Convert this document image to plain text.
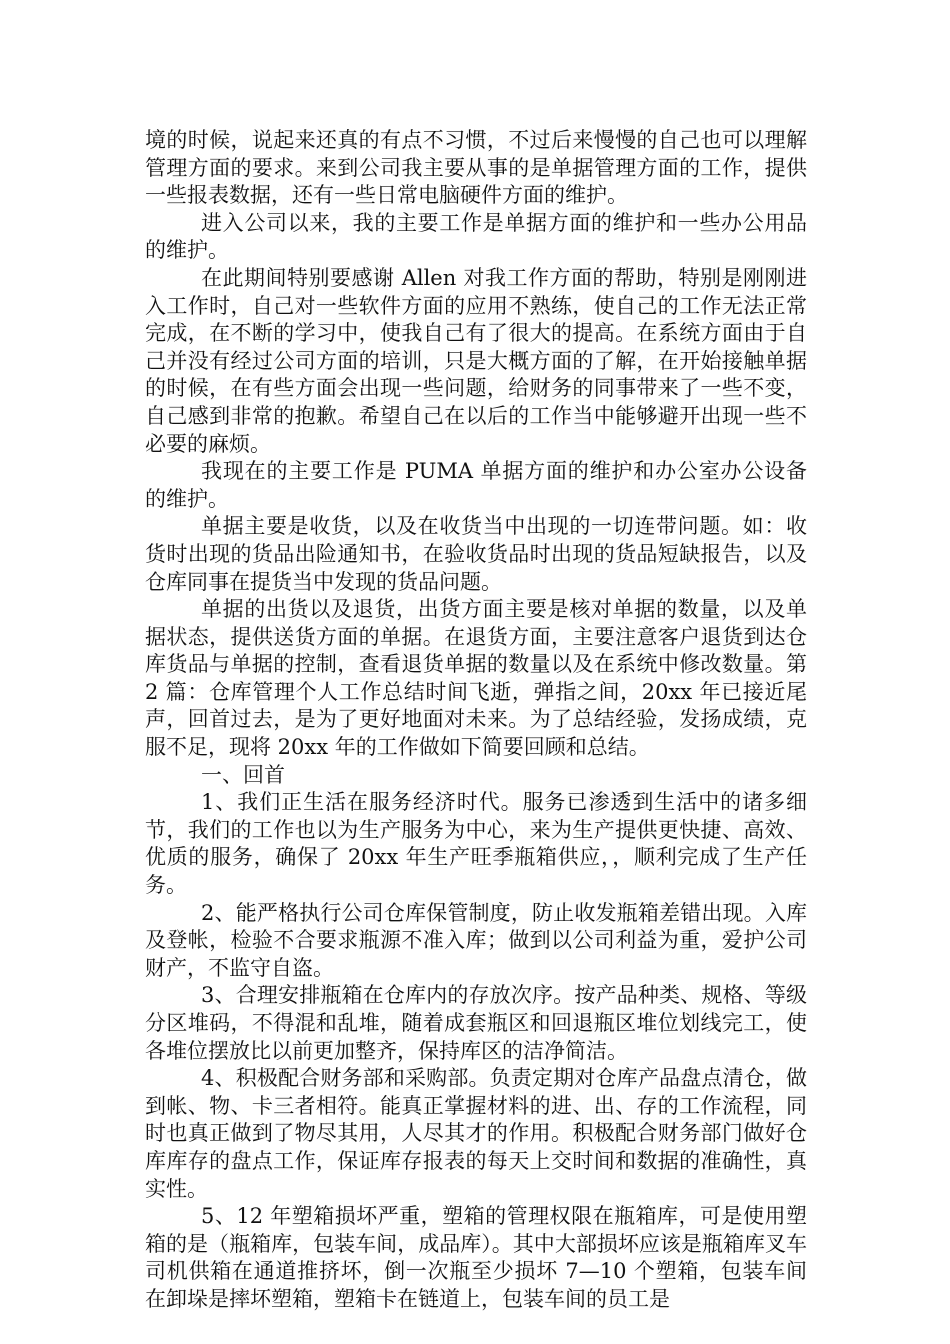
境的时候，说起来还真的有点不习惯，不过后来慢慢的自己也可以理解管理方面的要求。来到公司我主要从事的是单据管理方面的工作，提供一些报表数据，还有一些日常电脑硬件方面的维护。

进入公司以来，我的主要工作是单据方面的维护和一些办公用品的维护。

在此期间特别要感谢 Allen 对我工作方面的帮助，特别是刚刚进入工作时，自己对一些软件方面的应用不熟练，使自己的工作无法正常完成，在不断的学习中，使我自己有了很大的提高。在系统方面由于自己并没有经过公司方面的培训，只是大概方面的了解，在开始接触单据的时候，在有些方面会出现一些问题，给财务的同事带来了一些不变，自己感到非常的抱歉。希望自己在以后的工作当中能够避开出现一些不必要的麻烦。

我现在的主要工作是 PUMA 单据方面的维护和办公室办公设备的维护。

单据主要是收货，以及在收货当中出现的一切连带问题。如：收货时出现的货品出险通知书，在验收货品时出现的货品短缺报告，以及仓库同事在提货当中发现的货品问题。

单据的出货以及退货，出货方面主要是核对单据的数量，以及单据状态，提供送货方面的单据。在退货方面，主要注意客户退货到达仓库货品与单据的控制，查看退货单据的数量以及在系统中修改数量。第 2 篇：仓库管理个人工作总结时间飞逝，弹指之间，20xx 年已接近尾声，回首过去，是为了更好地面对未来。为了总结经验，发扬成绩，克服不足，现将 20xx 年的工作做如下简要回顾和总结。

一、回首

1、我们正生活在服务经济时代。服务已渗透到生活中的诸多细节，我们的工作也以为生产服务为中心，来为生产提供更快捷、高效、优质的服务，确保了 20xx 年生产旺季瓶箱供应，，顺利完成了生产任务。

2、能严格执行公司仓库保管制度，防止收发瓶箱差错出现。入库及登帐，检验不合要求瓶源不准入库；做到以公司利益为重，爱护公司财产，不监守自盗。

3、合理安排瓶箱在仓库内的存放次序。按产品种类、规格、等级分区堆码，不得混和乱堆，随着成套瓶区和回退瓶区堆位划线完工，使各堆位摆放比以前更加整齐，保持库区的洁净简洁。

4、积极配合财务部和采购部。负责定期对仓库产品盘点清仓，做到帐、物、卡三者相符。能真正掌握材料的进、出、存的工作流程，同时也真正做到了物尽其用，人尽其才的作用。积极配合财务部门做好仓库库存的盘点工作，保证库存报表的每天上交时间和数据的准确性，真实性。

5、12 年塑箱损坏严重，塑箱的管理权限在瓶箱库，可是使用塑箱的是（瓶箱库，包装车间，成品库）。其中大部损坏应该是瓶箱库叉车司机供箱在通道推挤坏，倒一次瓶至少损坏 7—10 个塑箱，包装车间在卸垛是摔坏塑箱，塑箱卡在链道上，包装车间的员工是
